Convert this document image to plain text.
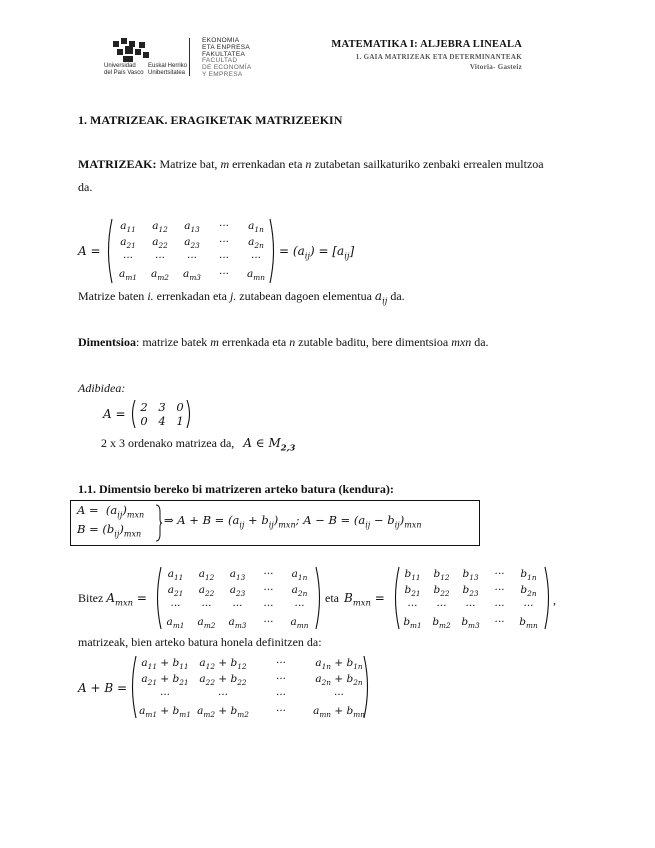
Universidad
del País Vasco
Euskal Herriko
Unibertsitatea
EKONOMIA
ETA ENPRESA
FAKULTATEA
FACULTAD
DE ECONOMÍA
Y EMPRESA
MATEMATIKA I: ALJEBRA LINEALA
1. GAIA MATRIZEAK ETA DETERMINANTEAK
Vitoria- Gasteiz
1. MATRIZEAK. ERAGIKETAK MATRIZEEKIN
MATRIZEAK: Matrize bat, m errenkadan eta n zutabetan sailkaturiko zenbaki errealen multzoa
da.
A =
$a_{11}$	$a_{12}$	$a_{13}$	···	$a_{1n}$
$a_{21}$	$a_{22}$	$a_{23}$	···	$a_{2n}$
···	···	···	···	···
$a_{m1}$	$a_{m2}$	$a_{m3}$	···	$a_{mn}$
= $(a_{ij}) = [a_{ij}]$
Matrize baten i. errenkadan eta j. zutabean dagoen elementua $a_{ij}$ da.
Dimentsioa: matrize batek m errenkada eta n zutable baditu, bere dimentsioa mxn da.
Adibidea:
A =	2 3 0
0 4 1
2 x 3 ordenako matrizea da, A ∈ $M_{2,3}$
1.1. Dimentsio bereko bi matrizeren arteko batura (kendura):
$A = (a_{ij})_{mxn}$
$B = (b_{ij})_{mxn}$
⇒ $A + B = (a_{ij} + b_{ij})_{mxn}$; $A - B = (a_{ij} - b_{ij})_{mxn}$
Bitez $A_{mxn}$ =
$a_{11}$	$a_{12}$	$a_{13}$	···	$a_{1n}$
$a_{21}$	$a_{22}$	$a_{23}$	···	$a_{2n}$
···	···	···	···	···
$a_{m1}$	$a_{m2}$	$a_{m3}$	···	$a_{mn}$
eta $B_{mxn}$ =
$b_{11}$	$b_{12}$	$b_{13}$	···	$b_{1n}$
$b_{21}$	$b_{22}$	$b_{23}$	···	$b_{2n}$
···	···	···	···	···
$b_{m1}$	$b_{m2}$	$b_{m3}$	···	$b_{mn}$
,
matrizeak, bien arteko batura honela definitzen da:
A + B =
$a_{11} + b_{11}$	$a_{12} + b_{12}$	···	$a_{1n} + b_{1n}$
$a_{21} + b_{21}$	$a_{22} + b_{22}$	···	$a_{2n} + b_{2n}$
···	···	···	···
$a_{m1} + b_{m1}$ $a_{m2} + b_{m2}$	···	$a_{mn} + b_{mn}$
